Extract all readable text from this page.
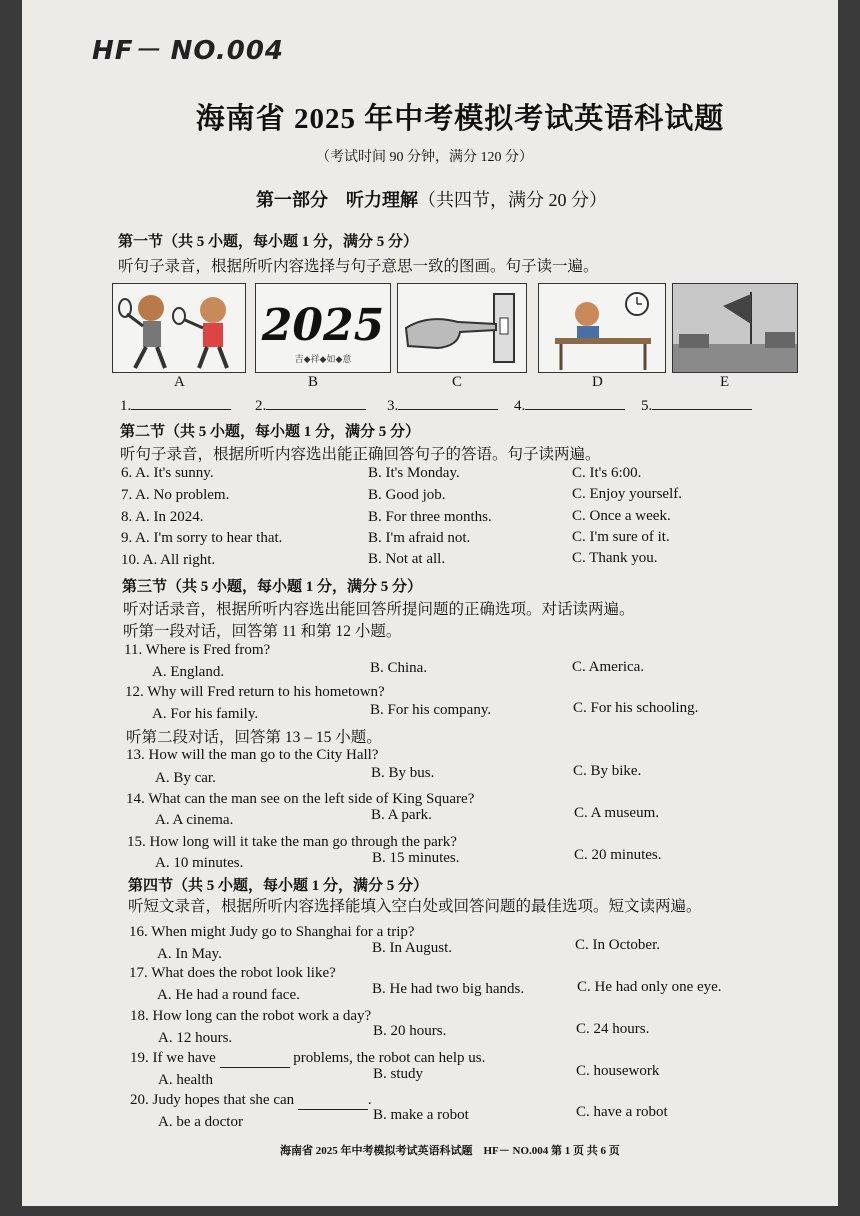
HF－ NO.004
海南省 2025 年中考模拟考试英语科试题
（考试时间 90 分钟，满分 120 分）
第一部分　听力理解（共四节，满分 20 分）
第一节（共 5 小题，每小题 1 分，满分 5 分）
听句子录音，根据所听内容选择与句子意思一致的图画。句子读一遍。
2025
吉◆祥◆如◆意
A	B	C	D	E
1.	2.	3.	4.	5.
第二节（共 5 小题，每小题 1 分，满分 5 分）
听句子录音，根据所听内容选出能正确回答句子的答语。句子读两遍。
6. A. It's sunny.	B. It's Monday.	C. It's 6:00.
7. A. No problem.	B. Good job.	C. Enjoy yourself.
8. A. In 2024.	B. For three months.	C. Once a week.
9. A. I'm sorry to hear that.	B. I'm afraid not.	C. I'm sure of it.
10. A. All right.	B. Not at all.	C. Thank you.
第三节（共 5 小题，每小题 1 分，满分 5 分）
听对话录音，根据所听内容选出能回答所提问题的正确选项。对话读两遍。
听第一段对话，回答第 11 和第 12 小题。
11. Where is Fred from?
A. England.	B. China.	C. America.
12. Why will Fred return to his hometown?
A. For his family.	B. For his company.	C. For his schooling.
听第二段对话，回答第 13 – 15 小题。
13. How will the man go to the City Hall?
A. By car.	B. By bus.	C. By bike.
14. What can the man see on the left side of King Square?
A. A cinema.	B. A park.	C. A museum.
15. How long will it take the man go through the park?
A. 10 minutes.	B. 15 minutes.	C. 20 minutes.
第四节（共 5 小题，每小题 1 分，满分 5 分）
听短文录音，根据所听内容选择能填入空白处或回答问题的最佳选项。短文读两遍。
16. When might Judy go to Shanghai for a trip?
A. In May.	B. In August.	C. In October.
17. What does the robot look like?
A. He had a round face.	B. He had two big hands.	C. He had only one eye.
18. How long can the robot work a day?
A. 12 hours.	B. 20 hours.	C. 24 hours.
19. If we have	problems, the robot can help us.
A. health	B. study	C. housework
20. Judy hopes that she can	.
A. be a doctor	B. make a robot	C. have a robot
海南省 2025 年中考模拟考试英语科试题　HF－ NO.004 第 1 页 共 6 页
